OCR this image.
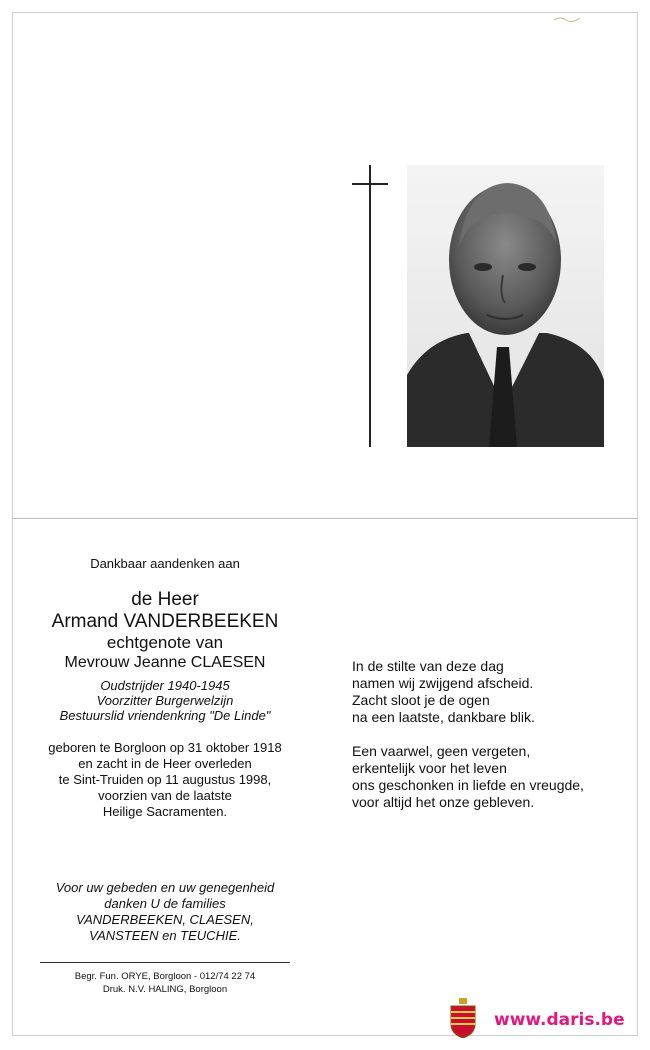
Dankbaar aandenken aan
de Heer
Armand VANDERBEEKEN
echtgenote van
Mevrouw Jeanne CLAESEN
Oudstrijder 1940-1945
Voorzitter Burgerwelzijn
Bestuurslid vriendenkring "De Linde"
geboren te Borgloon op 31 oktober 1918
en zacht in de Heer overleden
te Sint-Truiden op 11 augustus 1998,
voorzien van de laatste
Heilige Sacramenten.
Voor uw gebeden en uw genegenheid
danken U de families
VANDERBEEKEN, CLAESEN,
VANSTEEN en TEUCHIE.
Begr. Fun. ORYE, Borgloon - 012/74 22 74
Druk. N.V. HALING, Borgloon
In de stilte van deze dag
namen wij zwijgend afscheid.
Zacht sloot je de ogen
na een laatste, dankbare blik.
Een vaarwel, geen vergeten,
erkentelijk voor het leven
ons geschonken in liefde en vreugde,
voor altijd het onze gebleven.
www.daris.be
